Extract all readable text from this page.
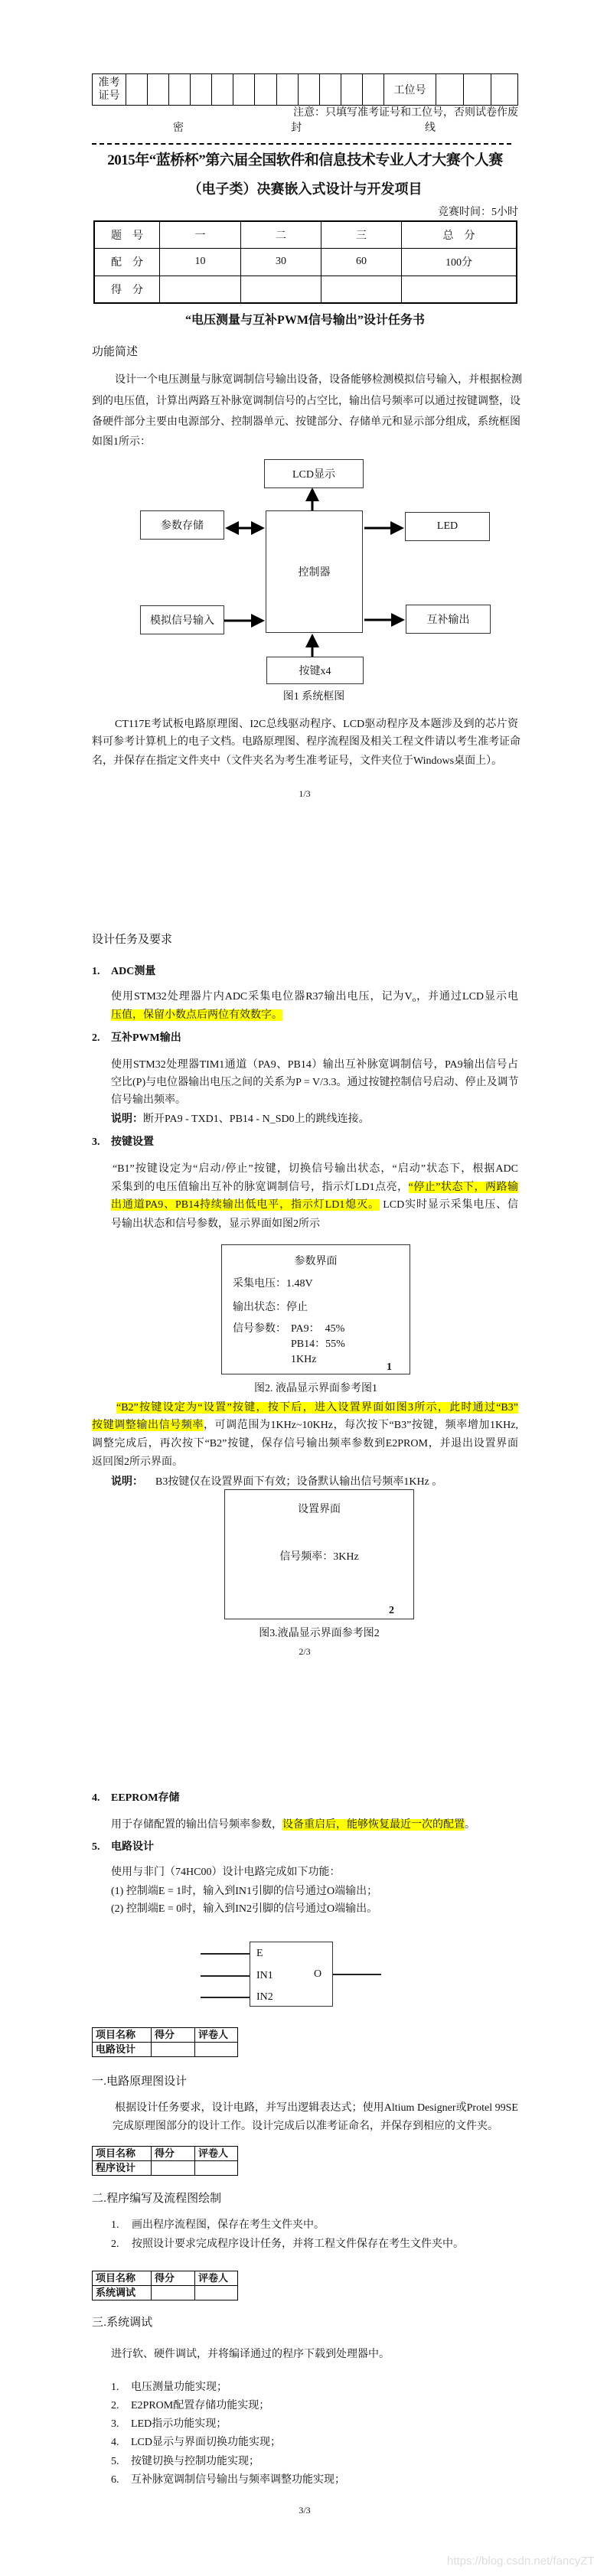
准考
证号													工位号			
注意：只填写准考证号和工位号，否则试卷作废
密	封	线
2015年“蓝桥杯”第六届全国软件和信息技术专业人才大赛个人赛
（电子类）决赛嵌入式设计与开发项目
竞赛时间：5小时
题　号	一	二	三	总　分
配　分	10	30	60	100分
得　分				
“电压测量与互补PWM信号输出”设计任务书
功能简述
设计一个电压测量与脉宽调制信号输出设备，设备能够检测模拟信号输入，并根据检测
到的电压值，计算出两路互补脉宽调制信号的占空比，输出信号频率可以通过按键调整，设
备硬件部分主要由电源部分、控制器单元、按键部分、存储单元和显示部分组成，系统框图
如图1所示：
LCD显示
控制器
参数存储	LED
模拟信号输入	互补输出
按键x4
图1 系统框图
CT117E考试板电路原理图、I2C总线驱动程序、LCD驱动程序及本题涉及到的芯片资
料可参考计算机上的电子文档。电路原理图、程序流程图及相关工程文件请以考生准考证命
名，并保存在指定文件夹中（文件夹名为考生准考证号，文件夹位于Windows桌面上）。
1/3
设计任务及要求
1. ADC测量
使用STM32处理器片内ADC采集电位器R37输出电压，记为$V_o$，并通过LCD显示电
压值，保留小数点后两位有效数字。
2. 互补PWM输出
使用STM32处理器TIM1通道（PA9、PB14）输出互补脉宽调制信号，PA9输出信号占
空比(P)与电位器输出电压之间的关系为P = V/3.3。通过按键控制信号启动、停止及调节
信号输出频率。
说明：断开PA9 - TXD1、PB14 - N_SD0上的跳线连接。
3. 按键设置
“B1”按键设定为“启动/停止”按键，切换信号输出状态，“启动”状态下，根据ADC
采集到的电压值输出互补的脉宽调制信号，指示灯LD1点亮，“停止”状态下，两路输
出通道PA9、PB14持续输出低电平，指示灯LD1熄灭。 LCD实时显示采集电压、信
号输出状态和信号参数，显示界面如图2所示
参数界面
采集电压：1.48V
输出状态：停止
信号参数： PA9：  45%
PB14：55%
1KHz
1
图2. 液晶显示界面参考图1
“B2”按键设定为“设置”按键，按下后，进入设置界面如图3所示，此时通过“B3”
按键调整输出信号频率，可调范围为1KHz~10KHz，每次按下“B3”按键，频率增加1KHz,
调整完成后，再次按下“B2”按键，保存信号输出频率参数到E2PROM，并退出设置界面
返回图2所示界面。
说明： B3按键仅在设置界面下有效；设备默认输出信号频率1KHz 。
设置界面
信号频率：3KHz
2
图3.液晶显示界面参考图2
2/3
4. EEPROM存储
用于存储配置的输出信号频率参数，设备重启后，能够恢复最近一次的配置。
5. 电路设计
使用与非门（74HC00）设计电路完成如下功能：
(1) 控制端E = 1时，输入到IN1引脚的信号通过O端输出；
(2) 控制端E = 0时，输入到IN2引脚的信号通过O端输出。
E
IN1
IN2
O
项目名称	得分	评卷人
电路设计		
一.电路原理图设计
根据设计任务要求，设计电路，并写出逻辑表达式；使用Altium Designer或Protel 99SE
完成原理图部分的设计工作。设计完成后以准考证命名，并保存到相应的文件夹。
项目名称	得分	评卷人
程序设计		
二.程序编写及流程图绘制
1. 画出程序流程图，保存在考生文件夹中。
2. 按照设计要求完成程序设计任务，并将工程文件保存在考生文件夹中。
项目名称	得分	评卷人
系统调试		
三.系统调试
进行软、硬件调试，并将编译通过的程序下载到处理器中。
1. 电压测量功能实现；
2. E2PROM配置存储功能实现；
3. LED指示功能实现；
4. LCD显示与界面切换功能实现；
5. 按键切换与控制功能实现；
6. 互补脉宽调制信号输出与频率调整功能实现；
3/3
https://blog.csdn.net/fancyZT
